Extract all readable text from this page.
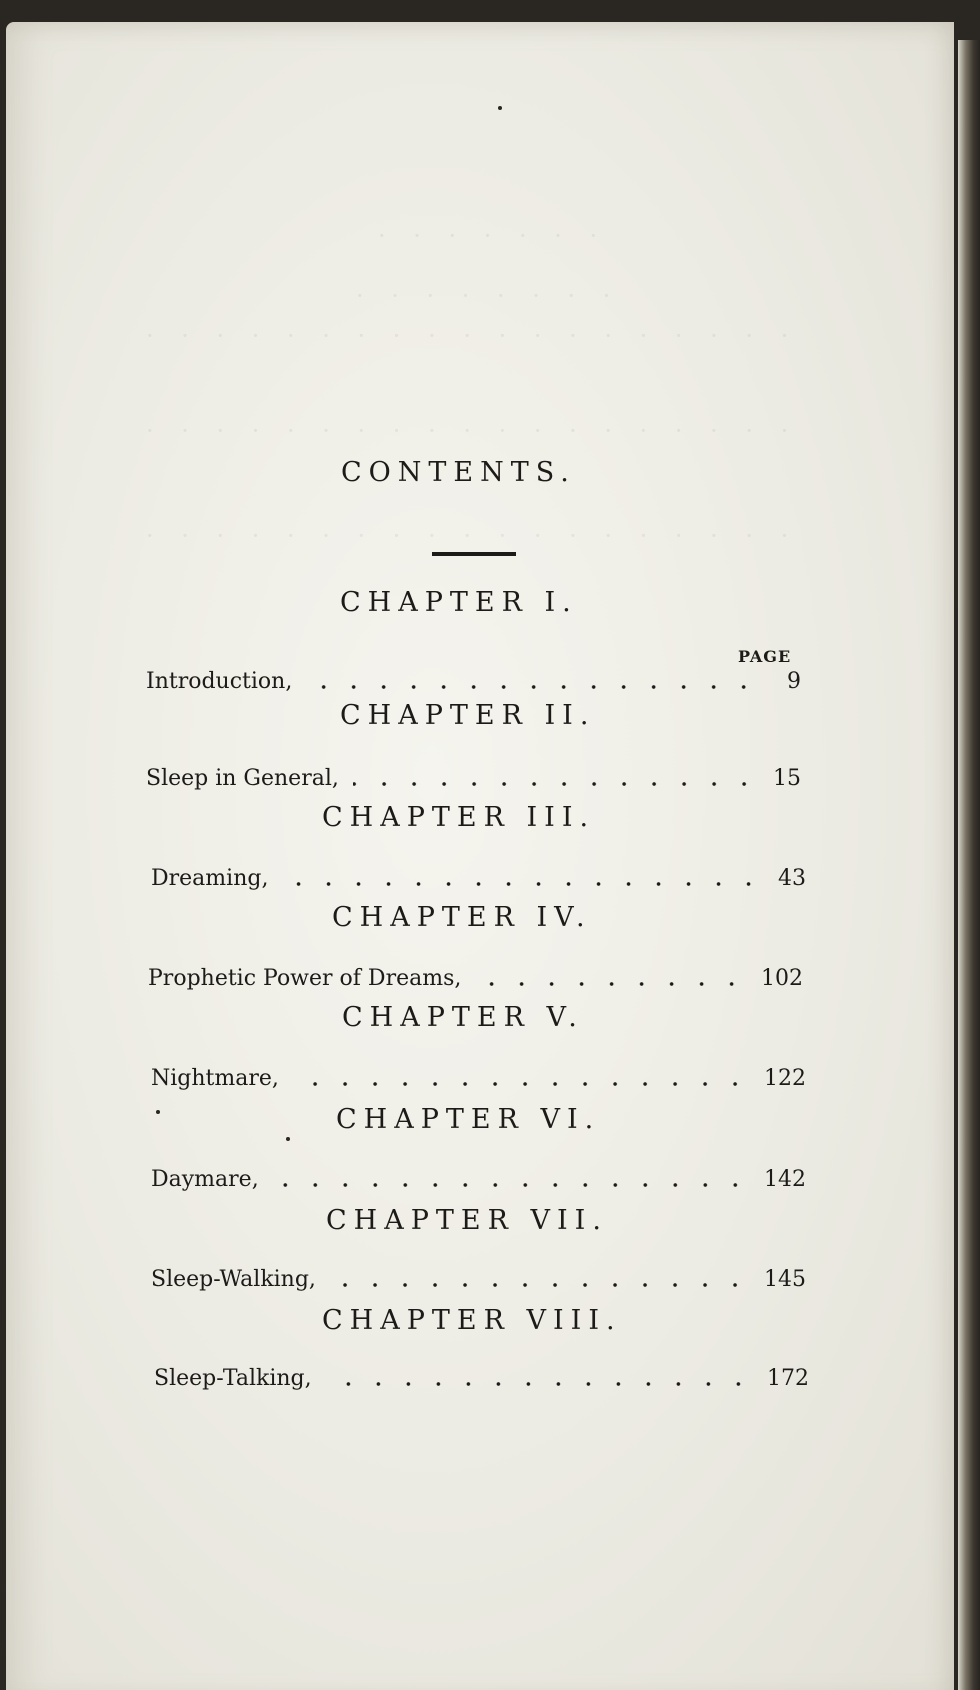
· · · · · · ·
· · · · · · · ·
· · · · · · · · · · · · · · · · · · ·
· · · · · · · · · · · · · · · · · · ·
· · · · · · · · · · · · · · · · · · ·
CONTENTS.
PAGE
CHAPTER I.
Introduction,	9
CHAPTER II.
Sleep in General,	15
CHAPTER III.
Dreaming,	43
CHAPTER IV.
Prophetic Power of Dreams,	102
CHAPTER V.
Nightmare,	122
CHAPTER VI.
Daymare,	142
CHAPTER VII.
Sleep-Walking,	145
CHAPTER VIII.
Sleep-Talking,	172
